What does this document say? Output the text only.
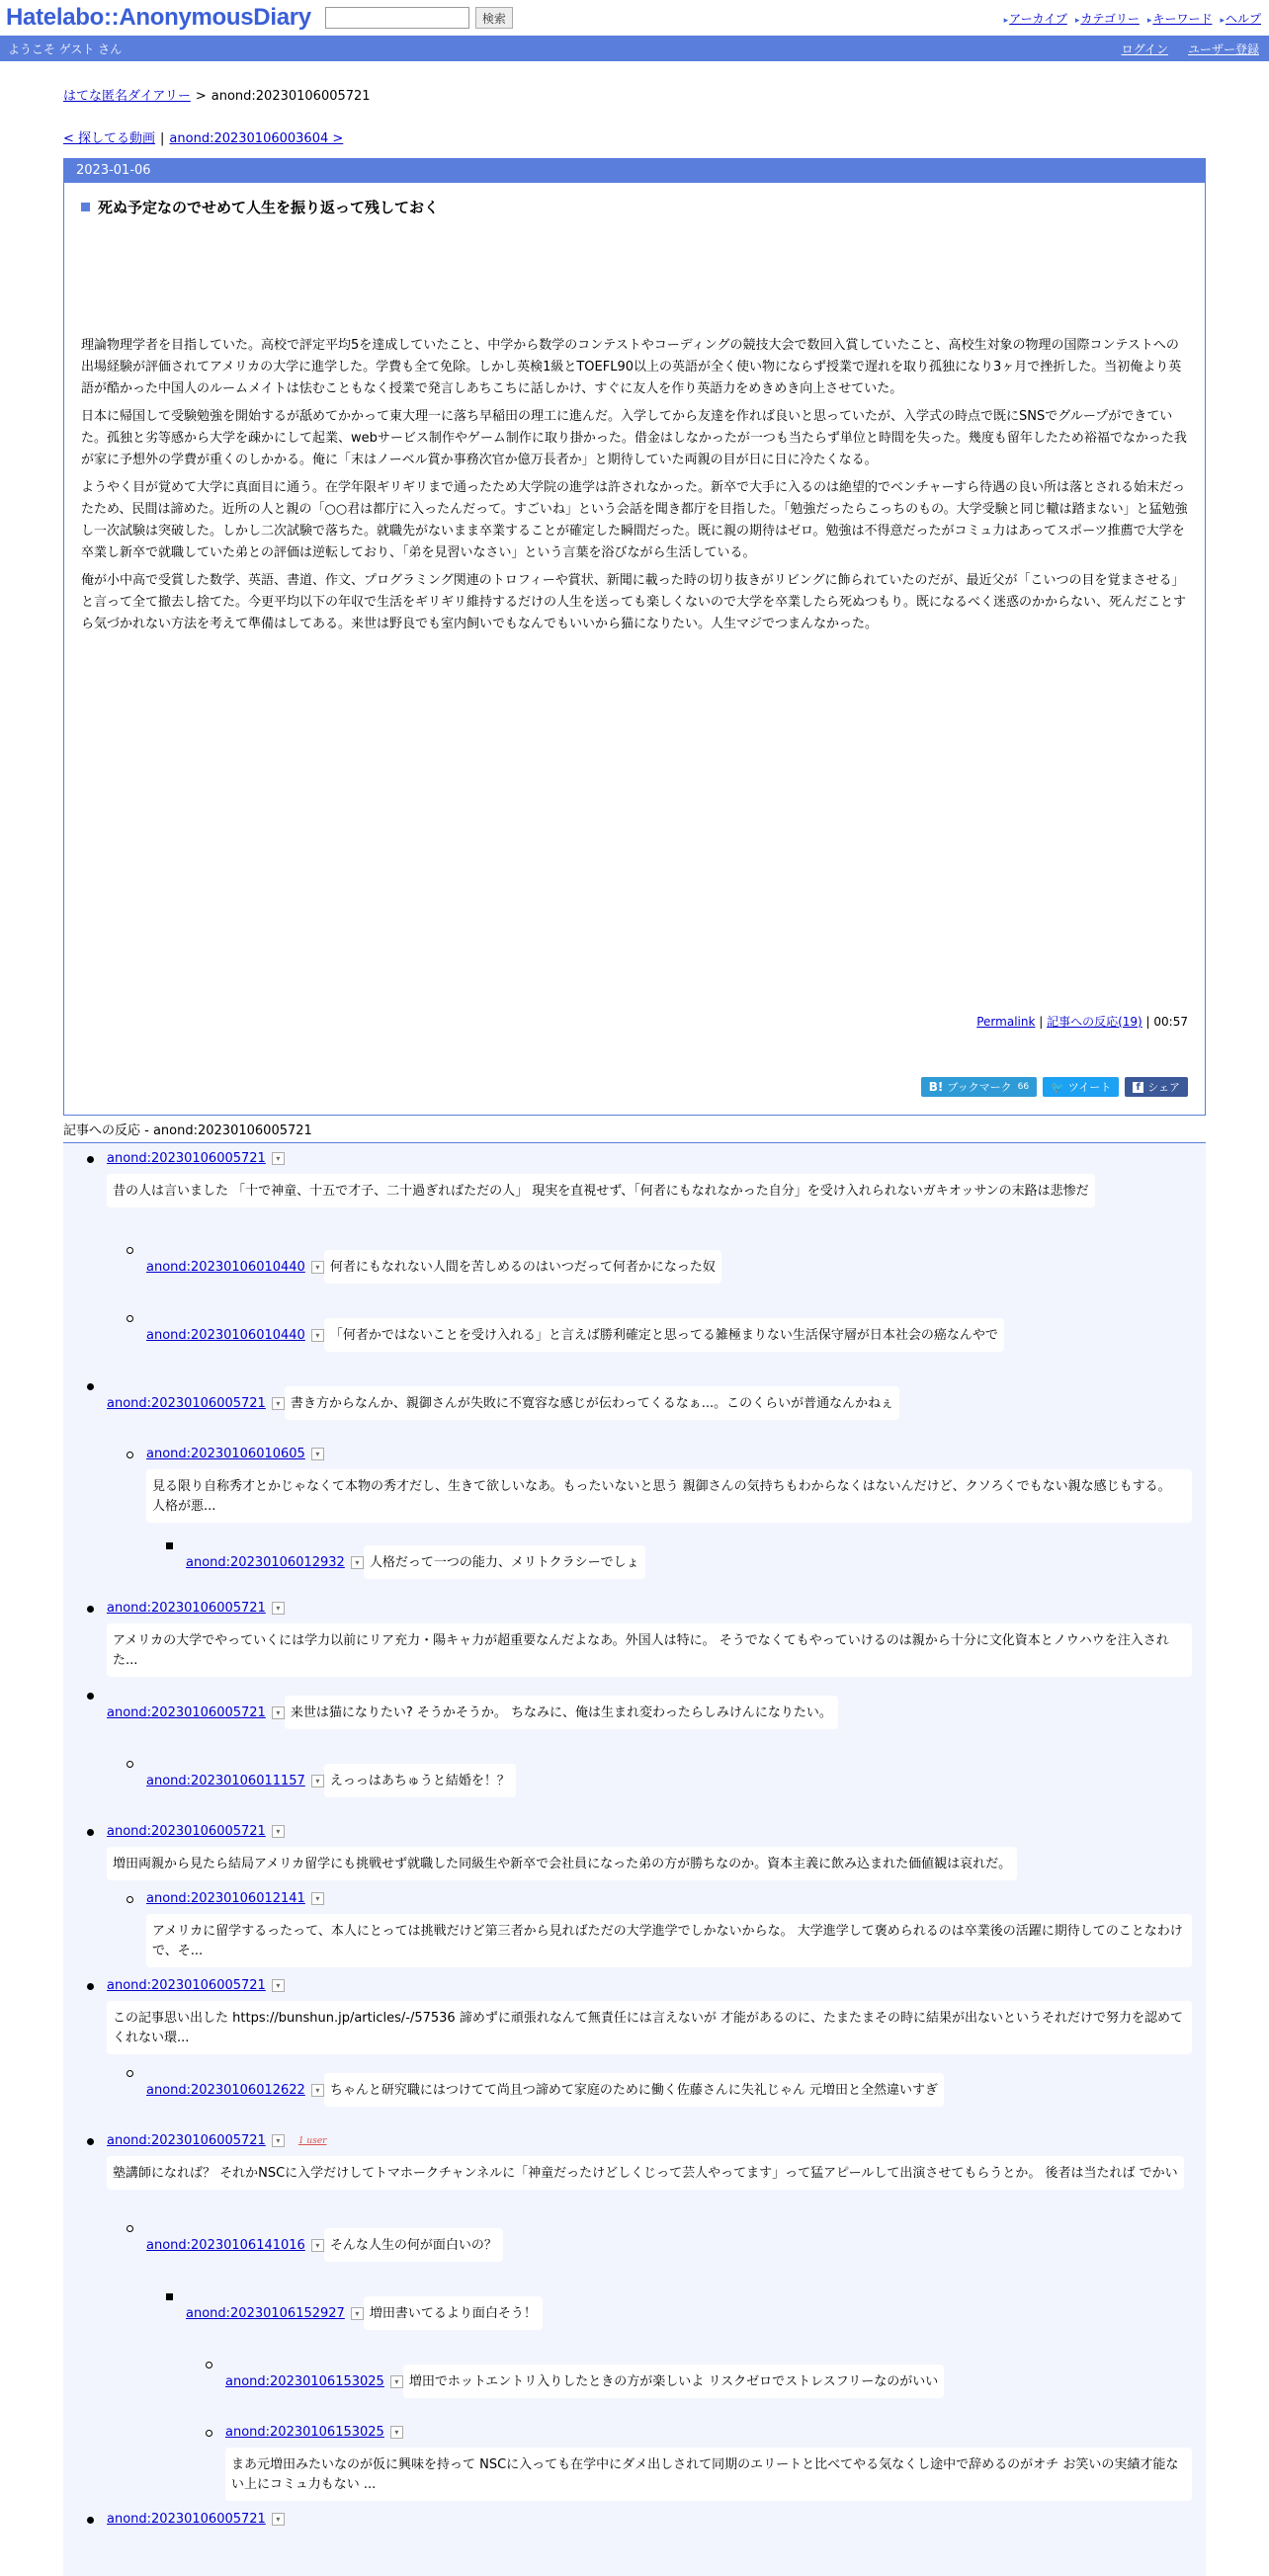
Hatelabo::AnonymousDiary	検索	▸アーカイブ ▸カテゴリー ▸キーワード ▸ヘルプ
ようこそ ゲスト さん	ログイン ユーザー登録
はてな匿名ダイアリー > anond:20230106005721
< 探してる動画 | anond:20230106003604 >
2023-01-06
死ぬ予定なのでせめて人生を振り返って残しておく

理論物理学者を目指していた。高校で評定平均5を達成していたこと、中学から数学のコンテストやコーディングの競技大会で数回入賞していたこと、高校生対象の物理の国際コンテストへの出場経験が評価されてアメリカの大学に進学した。学費も全て免除。しかし英検1級とTOEFL90以上の英語が全く使い物にならず授業で遅れを取り孤独になり3ヶ月で挫折した。当初俺より英語が酷かった中国人のルームメイトは怯むこともなく授業で発言しあちこちに話しかけ、すぐに友人を作り英語力をめきめき向上させていた。

日本に帰国して受験勉強を開始するが舐めてかかって東大理一に落ち早稲田の理工に進んだ。入学してから友達を作れば良いと思っていたが、入学式の時点で既にSNSでグループができていた。孤独と劣等感から大学を疎かにして起業、webサービス制作やゲーム制作に取り掛かった。借金はしなかったが一つも当たらず単位と時間を失った。幾度も留年したため裕福でなかった我が家に予想外の学費が重くのしかかる。俺に「末はノーベル賞か事務次官か億万長者か」と期待していた両親の目が日に日に冷たくなる。

ようやく目が覚めて大学に真面目に通う。在学年限ギリギリまで通ったため大学院の進学は許されなかった。新卒で大手に入るのは絶望的でベンチャーすら待遇の良い所は落とされる始末だったため、民間は諦めた。近所の人と親の「○○君は都庁に入ったんだって。すごいね」という会話を聞き都庁を目指した。「勉強だったらこっちのもの。大学受験と同じ轍は踏まない」と猛勉強し一次試験は突破した。しかし二次試験で落ちた。就職先がないまま卒業することが確定した瞬間だった。既に親の期待はゼロ。勉強は不得意だったがコミュ力はあってスポーツ推薦で大学を卒業し新卒で就職していた弟との評価は逆転しており、「弟を見習いなさい」という言葉を浴びながら生活している。

俺が小中高で受賞した数学、英語、書道、作文、プログラミング関連のトロフィーや賞状、新聞に載った時の切り抜きがリビングに飾られていたのだが、最近父が「こいつの目を覚まさせる」と言って全て撤去し捨てた。今更平均以下の年収で生活をギリギリ維持するだけの人生を送っても楽しくないので大学を卒業したら死ぬつもり。既になるべく迷惑のかからない、死んだことすら気づかれない方法を考えて準備はしてある。来世は野良でも室内飼いでもなんでもいいから猫になりたい。人生マジでつまんなかった。

Permalink | 記事への反応(19) | 00:57
B! ブックマーク 66 🐦 ツイート	f シェア
記事への反応 - anond:20230106005721
anond:20230106005721	▾
昔の人は言いました 「十で神童、十五で才子、二十過ぎればただの人」 現実を直視せず、「何者にもなれなかった自分」を受け入れられないガキオッサンの末路は悲惨だ
anond:20230106010440	▾ 何者にもなれない人間を苦しめるのはいつだって何者かになった奴
anond:20230106010440	▾ 「何者かではないことを受け入れる」と言えば勝利確定と思ってる雑極まりない生活保守層が日本社会の癌なんやで
anond:20230106005721	▾ 書き方からなんか、親御さんが失敗に不寛容な感じが伝わってくるなぁ...。このくらいが普通なんかねぇ
anond:20230106010605	▾
見る限り自称秀才とかじゃなくて本物の秀才だし、生きて欲しいなあ。もったいないと思う 親御さんの気持ちもわからなくはないんだけど、クソろくでもない親な感じもする。 人格が悪...
anond:20230106012932	▾ 人格だって一つの能力、メリトクラシーでしょ
anond:20230106005721	▾
アメリカの大学でやっていくには学力以前にリア充力・陽キャ力が超重要なんだよなあ。外国人は特に。 そうでなくてもやっていけるのは親から十分に文化資本とノウハウを注入された...
anond:20230106005721	▾ 来世は猫になりたい? そうかそうか。 ちなみに、俺は生まれ変わったらしみけんになりたい。
anond:20230106011157	▾ えっっはあちゅうと結婚を！？
anond:20230106005721	▾
増田両親から見たら結局アメリカ留学にも挑戦せず就職した同級生や新卒で会社員になった弟の方が勝ちなのか。資本主義に飲み込まれた価値観は哀れだ。
anond:20230106012141	▾
アメリカに留学するったって、本人にとっては挑戦だけど第三者から見ればただの大学進学でしかないからな。 大学進学して褒められるのは卒業後の活躍に期待してのことなわけで、そ...
anond:20230106005721	▾
この記事思い出した https://bunshun.jp/articles/-/57536 諦めずに頑張れなんて無責任には言えないが 才能があるのに、たまたまその時に結果が出ないというそれだけで努力を認めてくれない環...
anond:20230106012622	▾ ちゃんと研究職にはつけてて尚且つ諦めて家庭のために働く佐藤さんに失礼じゃん 元増田と全然違いすぎ
anond:20230106005721	▾	1 user
塾講師になれば？ それかNSCに入学だけしてトマホークチャンネルに「神童だったけどしくじって芸人やってます」って猛アピールして出演させてもらうとか。 後者は当たれば でかい
anond:20230106141016	▾ そんな人生の何が面白いの？
anond:20230106152927	▾ 増田書いてるより面白そう！
anond:20230106153025	▾ 増田でホットエントリ入りしたときの方が楽しいよ リスクゼロでストレスフリーなのがいい
anond:20230106153025	▾
まあ元増田みたいなのが仮に興味を持って NSCに入っても在学中にダメ出しされて同期のエリートと比べてやる気なくし途中で辞めるのがオチ お笑いの実績才能ない上にコミュ力もない ...
anond:20230106005721	▾
